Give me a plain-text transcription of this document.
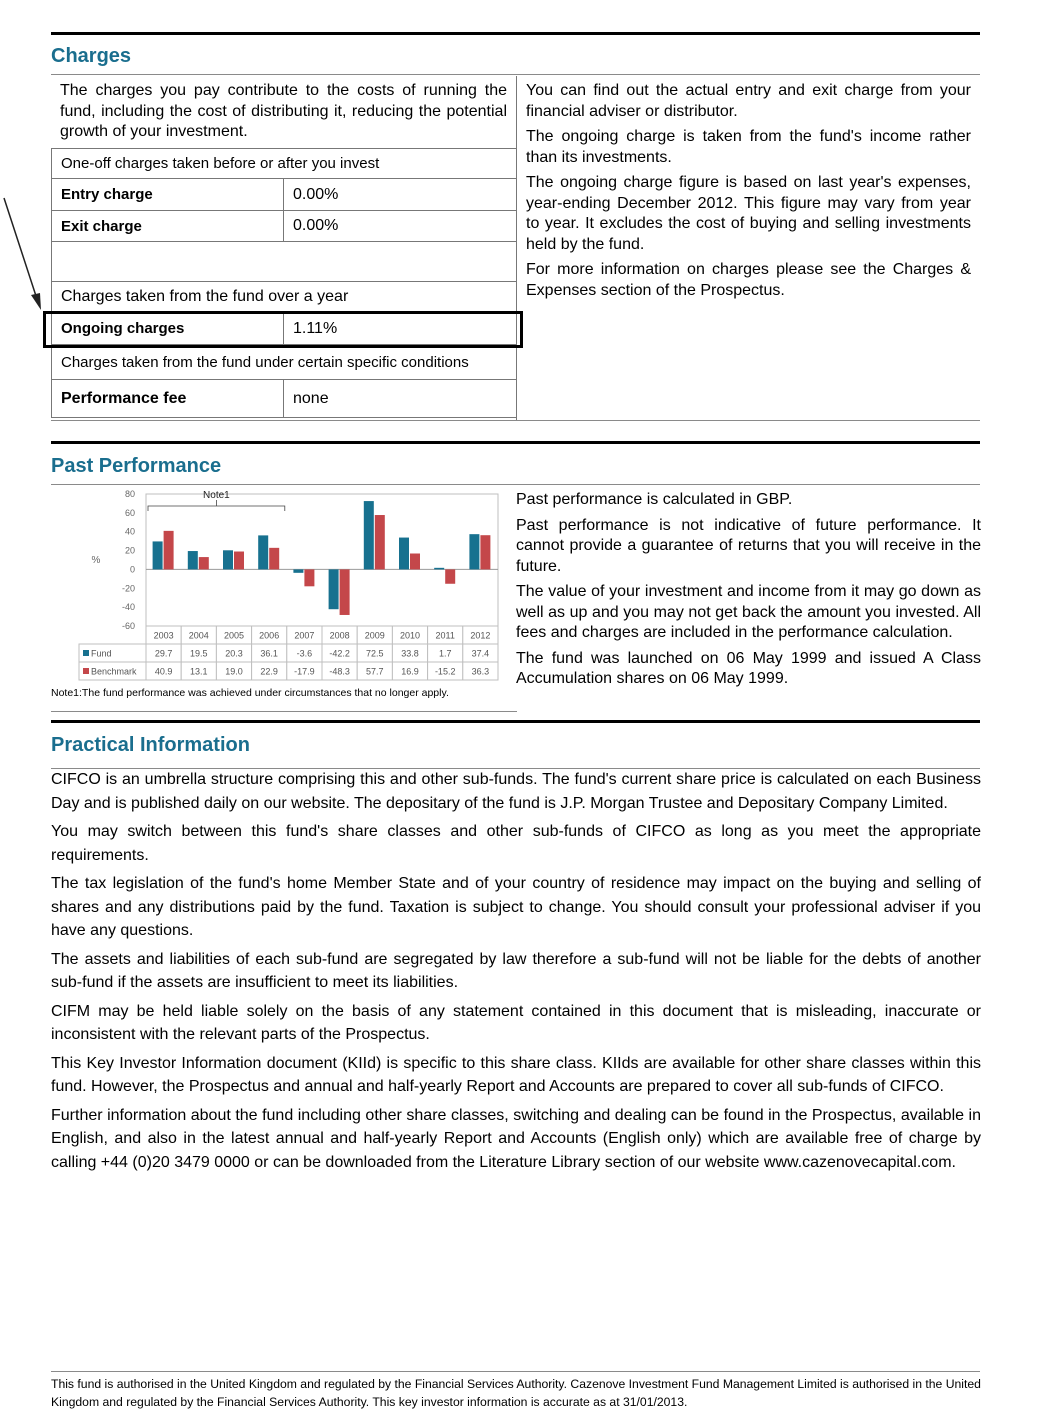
Charges
The charges you pay contribute to the costs of running the fund, including the cost of distributing it, reducing the potential growth of your investment.
One-off charges taken before or after you invest	
Entry charge	0.00%
Exit charge	0.00%

Charges taken from the fund over a year	
Ongoing charges	1.11%
Charges taken from the fund under certain specific conditions	
Performance fee	none

You can find out the actual entry and exit charge from your financial adviser or distributor.

The ongoing charge is taken from the fund's income rather than its investments.

The ongoing charge figure is based on last year's expenses, year-ending December 2012. This figure may vary from year to year. It excludes the cost of buying and selling investments held by the fund.

For more information on charges please see the Charges & Expenses section of the Prospectus.

Past Performance
80
60
40
20
0
-20
-40
-60
%
Note1
2003 2004 2005 2006 2007 2008 2009 2010 2011 2012
Fund	29.7 19.5 20.3 36.1 -3.6 -42.2 72.5 33.8 1.7 37.4
Benchmark 40.9 13.1 19.0 22.9 -17.9 -48.3 57.7 16.9 -15.2 36.3
Note1:The fund performance was achieved under circumstances that no longer apply.

Past performance is calculated in GBP.

Past performance is not indicative of future performance. It cannot provide a guarantee of returns that you will receive in the future.

The value of your investment and income from it may go down as well as up and you may not get back the amount you invested. All fees and charges are included in the performance calculation.

The fund was launched on 06 May 1999 and issued A Class Accumulation shares on 06 May 1999.

Practical Information

CIFCO is an umbrella structure comprising this and other sub-funds. The fund's current share price is calculated on each Business Day and is published daily on our website. The depositary of the fund is J.P. Morgan Trustee and Depositary Company Limited.

You may switch between this fund's share classes and other sub-funds of CIFCO as long as you meet the appropriate requirements.

The tax legislation of the fund's home Member State and of your country of residence may impact on the buying and selling of shares and any distributions paid by the fund. Taxation is subject to change. You should consult your professional adviser if you have any questions.

The assets and liabilities of each sub-fund are segregated by law therefore a sub-fund will not be liable for the debts of another sub-fund if the assets are insufficient to meet its liabilities.

CIFM may be held liable solely on the basis of any statement contained in this document that is misleading, inaccurate or inconsistent with the relevant parts of the Prospectus.

This Key Investor Information document (KIId) is specific to this share class. KIIds are available for other share classes within this fund. However, the Prospectus and annual and half-yearly Report and Accounts are prepared to cover all sub-funds of CIFCO.

Further information about the fund including other share classes, switching and dealing can be found in the Prospectus, available in English, and also in the latest annual and half-yearly Report and Accounts (English only) which are available free of charge by calling +44 (0)20 3479 0000 or can be downloaded from the Literature Library section of our website www.cazenovecapital.com.

This fund is authorised in the United Kingdom and regulated by the Financial Services Authority. Cazenove Investment Fund Management Limited is authorised in the United Kingdom and regulated by the Financial Services Authority. This key investor information is accurate as at 31/01/2013.
